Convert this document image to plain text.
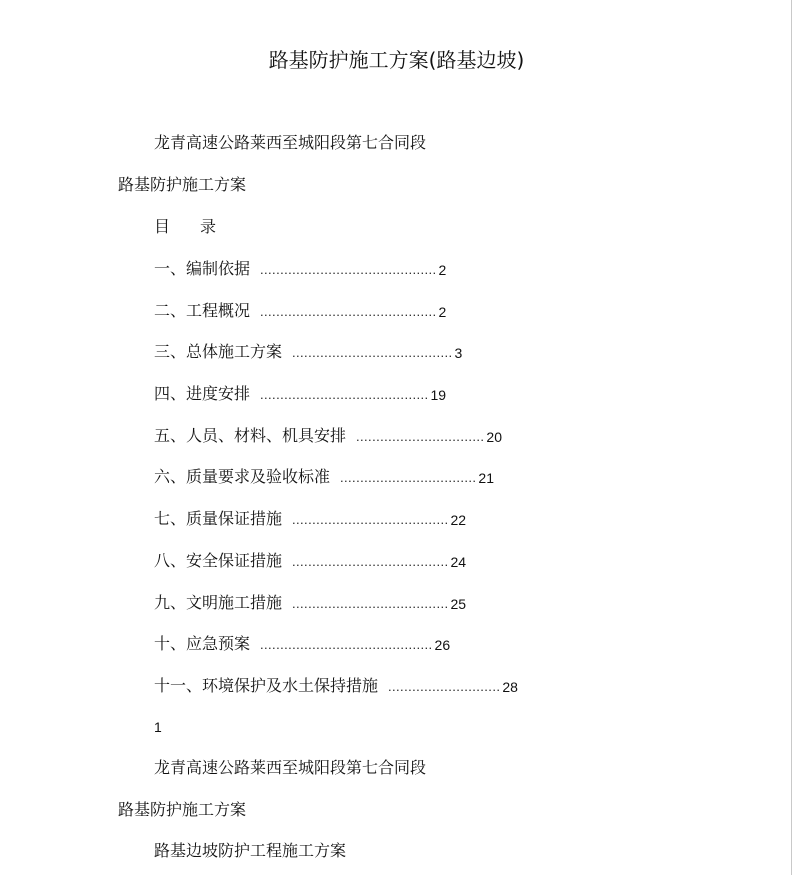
路基防护施工方案(路基边坡)
龙青高速公路莱西至城阳段第七合同段
路基防护施工方案
目 录
一、编制依据 ............................................ 2
二、工程概况 ............................................ 2
三、总体施工方案 ........................................ 3
四、进度安排 .......................................... 19
五、人员、材料、机具安排 ................................ 20
六、质量要求及验收标准 .................................. 21
七、质量保证措施 ....................................... 22
八、安全保证措施 ....................................... 24
九、文明施工措施 ....................................... 25
十、应急预案 ........................................... 26
十一、环境保护及水土保持措施 ............................ 28
1
龙青高速公路莱西至城阳段第七合同段
路基防护施工方案
路基边坡防护工程施工方案
